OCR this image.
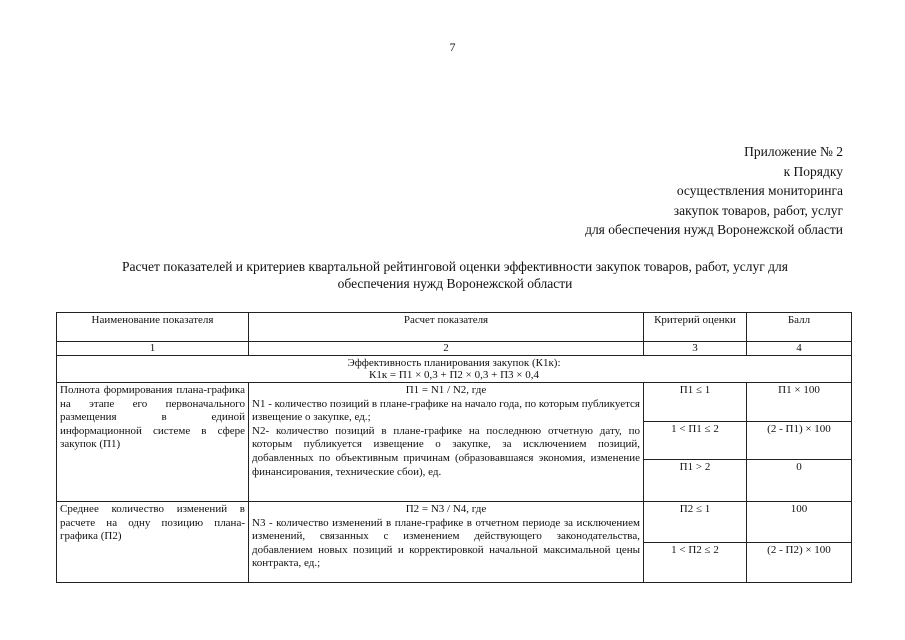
7
Приложение № 2
к Порядку
осуществления мониторинга
закупок товаров, работ, услуг
для обеспечения нужд Воронежской области
Расчет показателей и критериев квартальной рейтинговой оценки эффективности закупок товаров, работ, услуг для
обеспечения нужд Воронежской области
Наименование показателя	Расчет показателя	Критерий оценки	Балл
1	2	3	4

Эффективность планирования закупок (К1к):
К1к = П1 × 0,3 + П2 × 0,3 + П3 × 0,4			

Полнота формирования плана-графика на этапе его первоначального размещения в единой информационной системе в сфере закупок (П1)	П1 = N1 / N2, где
N1 - количество позиций в плане-графике на начало года, по которым публикуется извещение о закупке, ед.;
N2- количество позиций в плане-графике на последнюю отчетную дату, по которым публикуется извещение о закупке, за исключением позиций, добавленных по объективным причинам (образовавшаяся экономия, изменение финансирования, технические сбои), ед.	П1 ≤ 1	П1 × 100
		1 < П1 ≤ 2	(2 - П1) × 100
		П1 > 2	0
Среднее количество изменений в расчете на одну позицию плана-графика (П2)	П2 = N3 / N4, где
N3 - количество изменений в плане-графике в отчетном периоде за исключением изменений, связанных с изменением действующего законодательства, добавлением новых позиций и корректировкой начальной максимальной цены контракта, ед.;	П2 ≤ 1	100
		1 < П2 ≤ 2	(2 - П2) × 100
